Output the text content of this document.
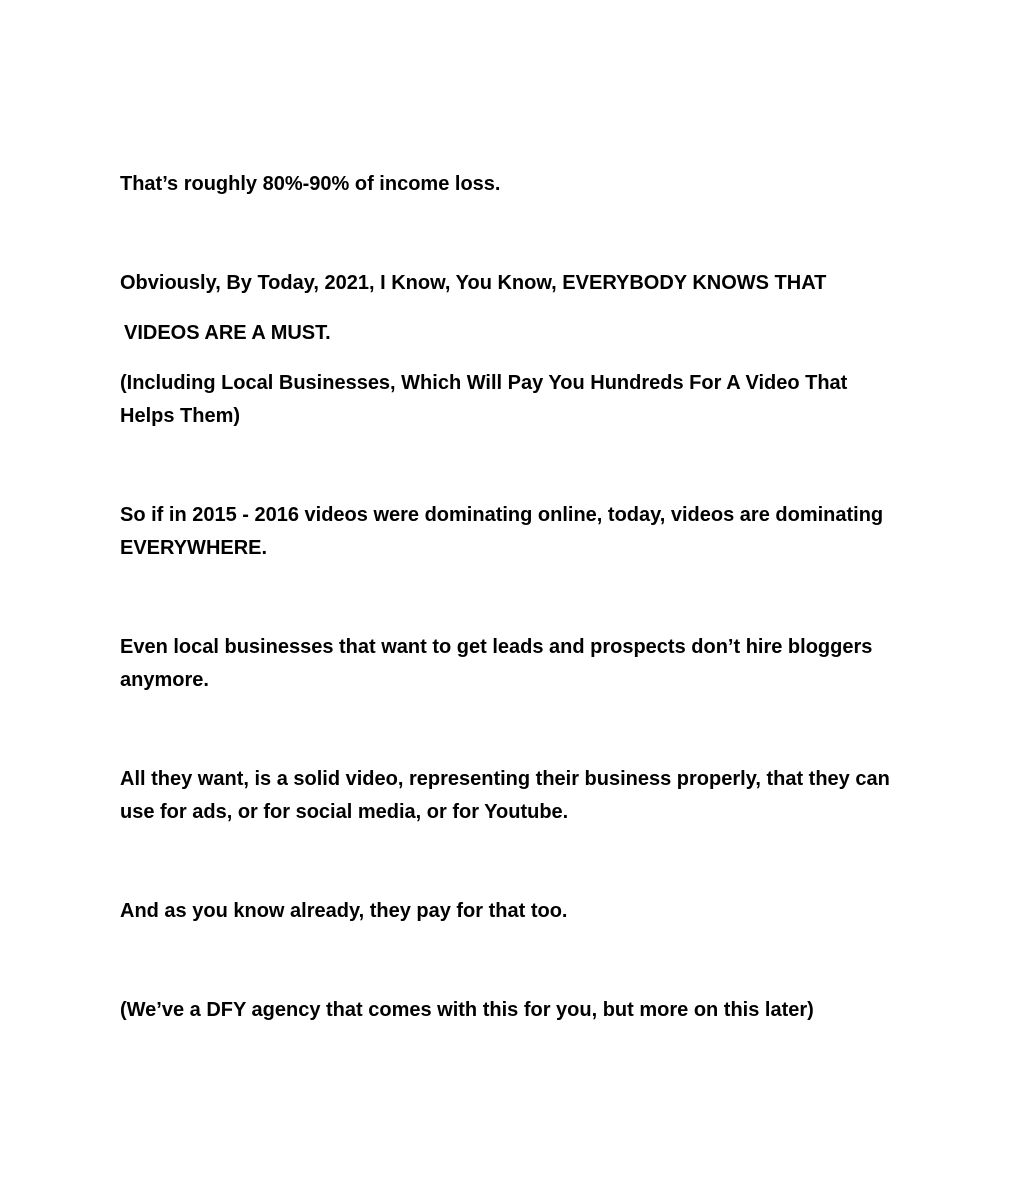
That’s roughly 80%-90% of income loss.

Obviously, By Today, 2021, I Know, You Know, EVERYBODY KNOWS THAT

VIDEOS ARE A MUST.

(Including Local Businesses, Which Will Pay You Hundreds For A Video That Helps Them)

So if in 2015 - 2016 videos were dominating online, today, videos are dominating EVERYWHERE.

Even local businesses that want to get leads and prospects don’t hire bloggers anymore.

All they want, is a solid video, representing their business properly, that they can use for ads, or for social media, or for Youtube.

And as you know already, they pay for that too.

(We’ve a DFY agency that comes with this for you, but more on this later)
